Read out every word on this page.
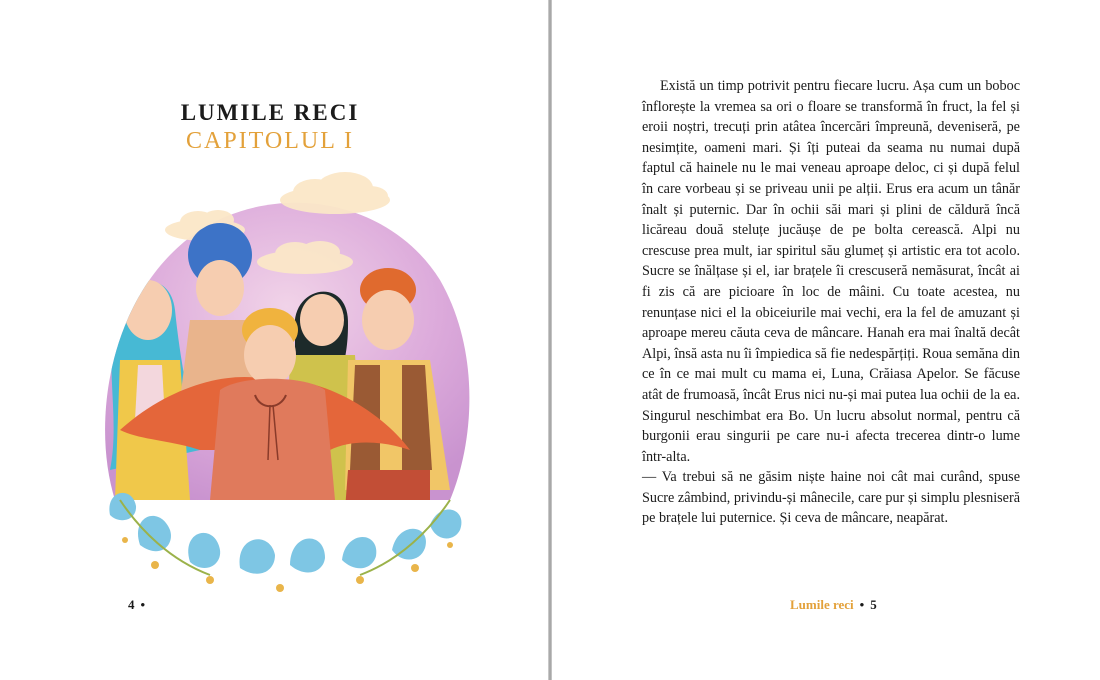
LUMILE RECI
CAPITOLUL I
4 •

Există un timp potrivit pentru fiecare lucru. Așa cum un boboc înflorește la vremea sa ori o floare se transformă în fruct, la fel și eroii noștri, trecuți prin atâtea încercări împreună, deveniseră, pe nesimțite, oameni mari. Și îți puteai da seama nu numai după faptul că hainele nu le mai veneau aproape deloc, ci și după felul în care vorbeau și se priveau unii pe alții. Erus era acum un tânăr înalt și puternic. Dar în ochii săi mari și plini de căldură încă licăreau două steluțe jucăușe de pe bolta cerească. Alpi nu crescuse prea mult, iar spiritul său glumeț și artistic era tot acolo. Sucre se înălțase și el, iar brațele îi crescuseră nemăsurat, încât ai fi zis că are picioare în loc de mâini. Cu toate acestea, nu renunțase nici el la obiceiurile mai vechi, era la fel de amuzant și aproape mereu căuta ceva de mâncare. Hanah era mai înaltă decât Alpi, însă asta nu îi împiedica să fie nedespărțiți. Roua semăna din ce în ce mai mult cu mama ei, Luna, Crăiasa Apelor. Se făcuse atât de frumoasă, încât Erus nici nu-și mai putea lua ochii de la ea. Singurul neschimbat era Bo. Un lucru absolut normal, pentru că burgonii erau singurii pe care nu-i afecta trecerea dintr-o lume într-alta.

— Va trebui să ne găsim niște haine noi cât mai curând, spuse Sucre zâmbind, privindu-și mânecile, care pur și simplu plesniseră pe brațele lui puternice. Și ceva de mâncare, neapărat.

Lumile reci • 5
